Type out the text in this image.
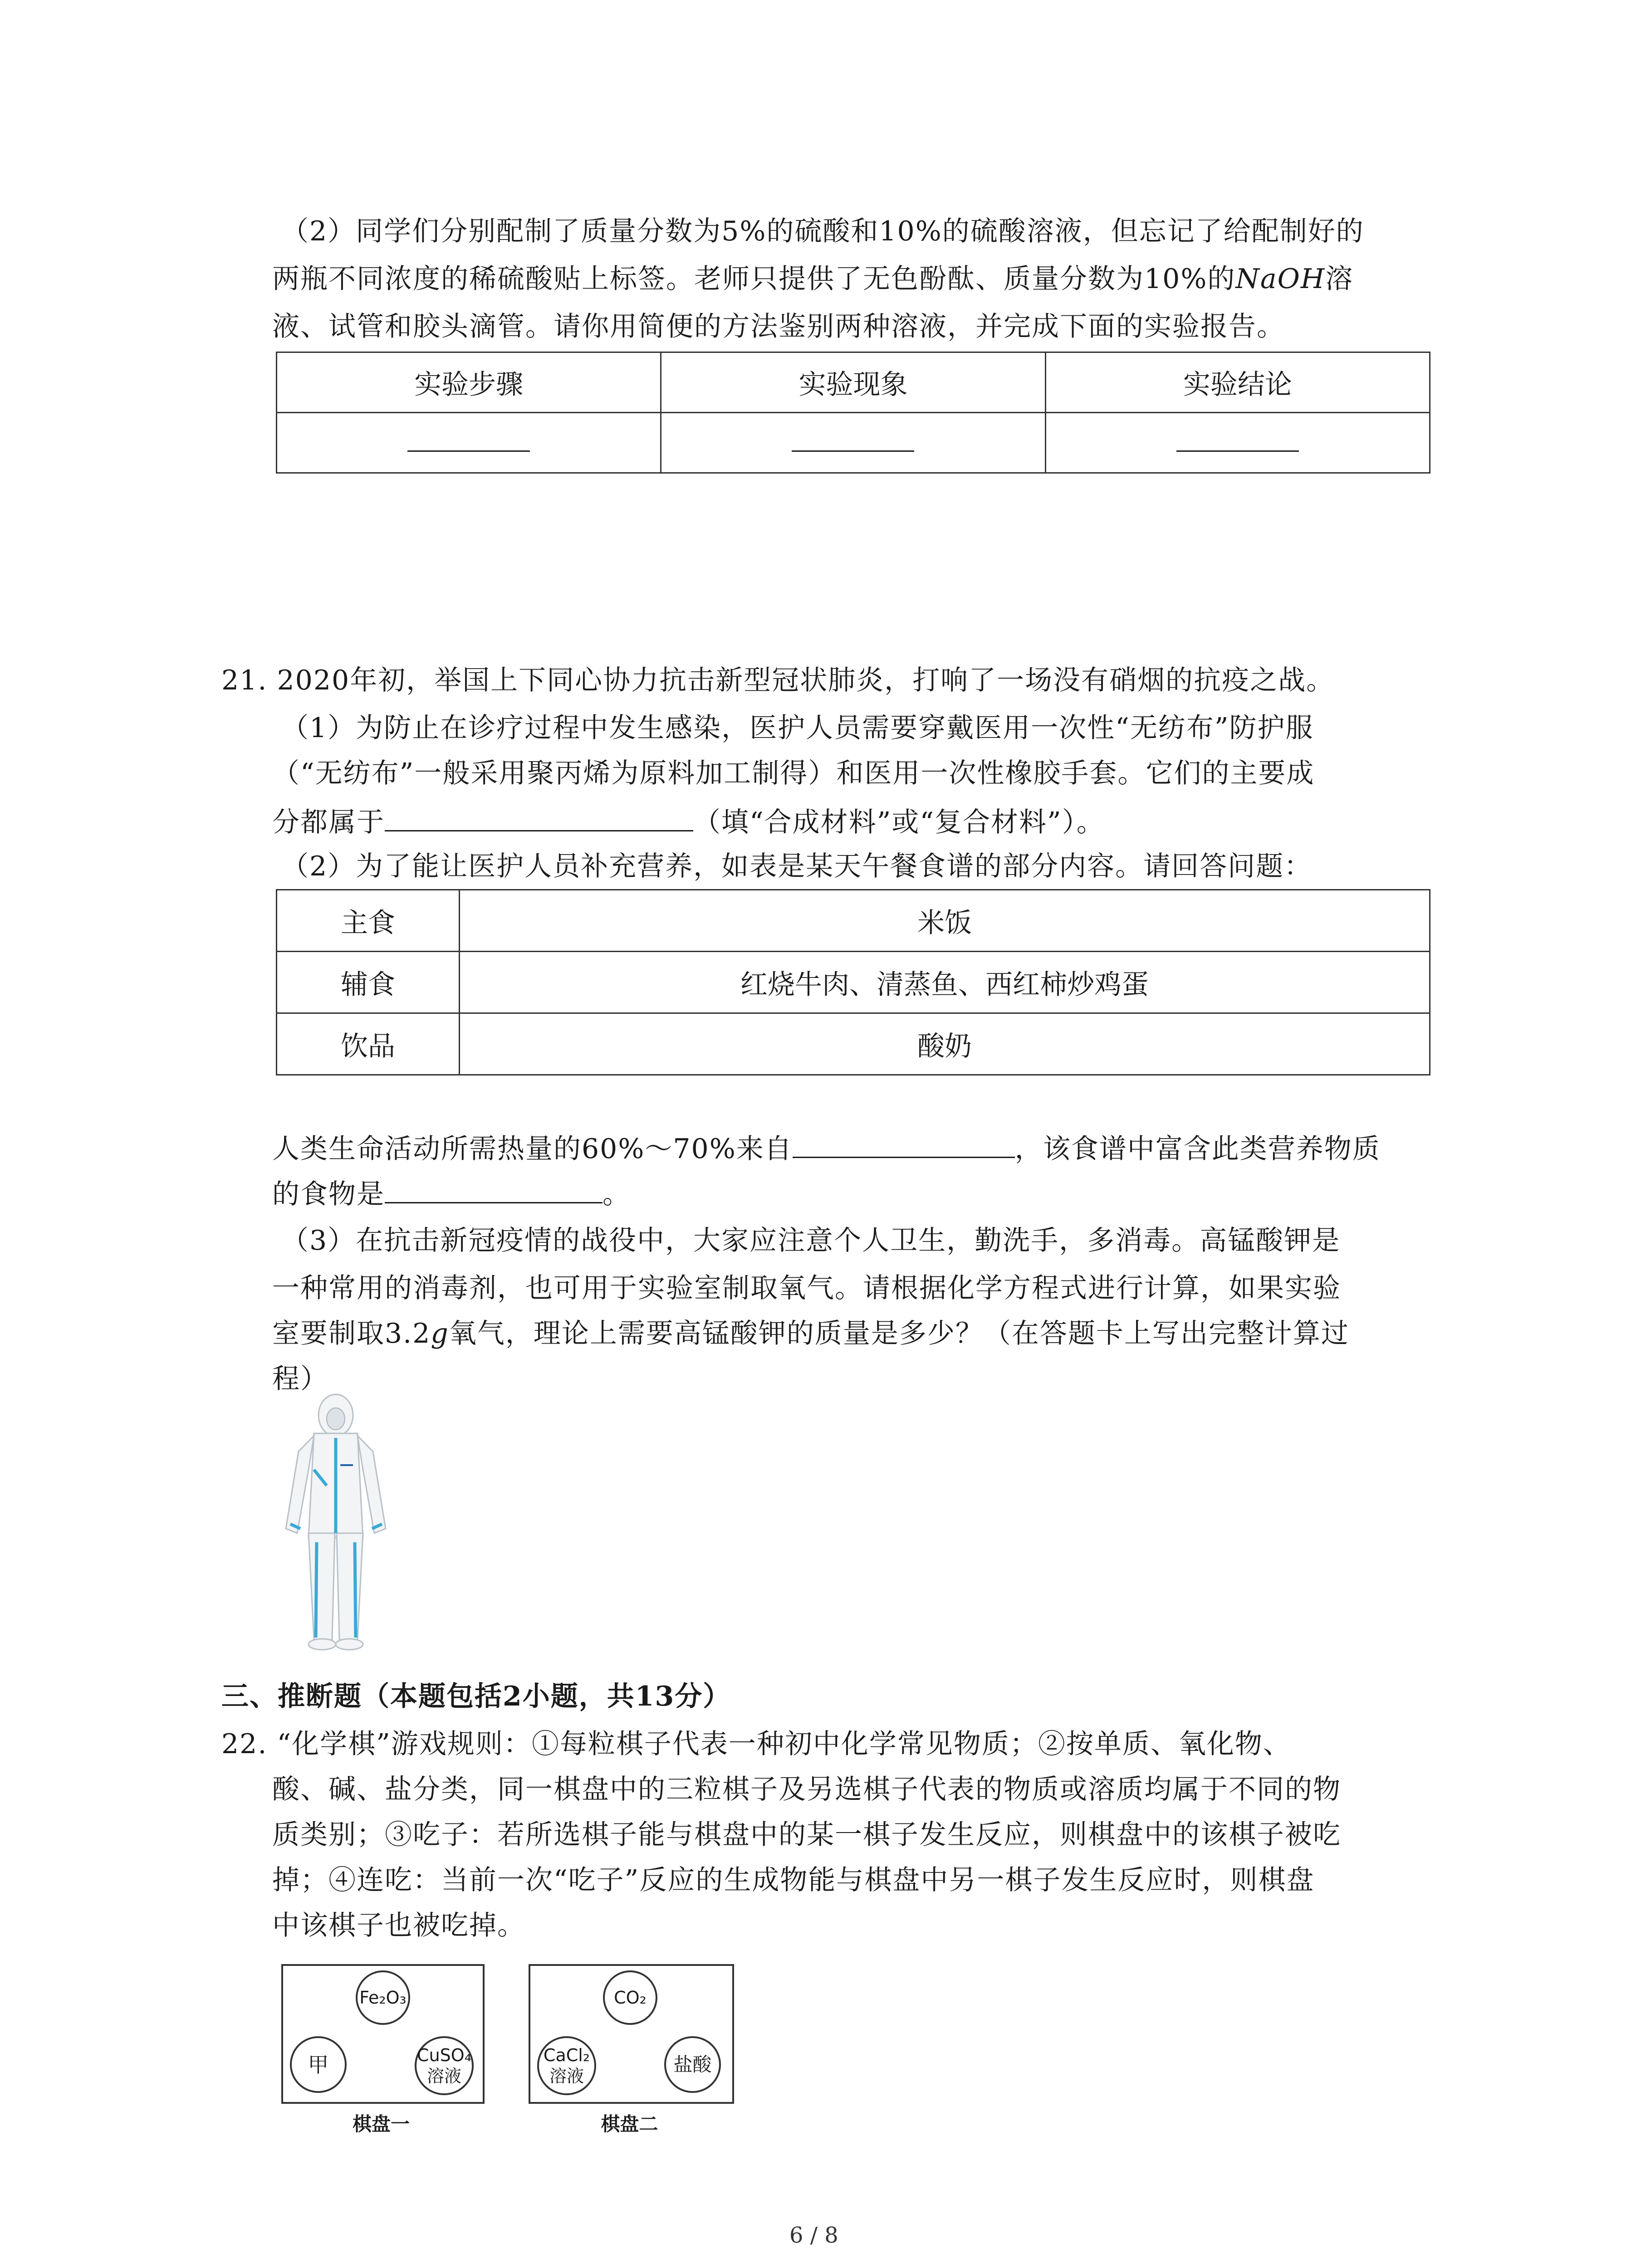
（2）同学们分别配制了质量分数为5%的硫酸和10%的硫酸溶液，但忘记了给配制好的
两瓶不同浓度的稀硫酸贴上标签。老师只提供了无色酚酞、质量分数为10%的NaOH溶
液、试管和胶头滴管。请你用简便的方法鉴别两种溶液，并完成下面的实验报告。
实验步骤	实验现象	实验结论

21. 2020年初，举国上下同心协力抗击新型冠状肺炎，打响了一场没有硝烟的抗疫之战。
（1）为防止在诊疗过程中发生感染，医护人员需要穿戴医用一次性“无纺布”防护服
（“无纺布”一般采用聚丙烯为原料加工制得）和医用一次性橡胶手套。它们的主要成
分都属于	（填“合成材料”或“复合材料”）。
（2）为了能让医护人员补充营养，如表是某天午餐食谱的部分内容。请回答问题：
主食	米饭
辅食	红烧牛肉、清蒸鱼、西红柿炒鸡蛋
饮品	酸奶
人类生命活动所需热量的60%～70%来自	，该食谱中富含此类营养物质
的食物是	。
（3）在抗击新冠疫情的战役中，大家应注意个人卫生，勤洗手，多消毒。高锰酸钾是
一种常用的消毒剂，也可用于实验室制取氧气。请根据化学方程式进行计算，如果实验
室要制取3.2g氧气，理论上需要高锰酸钾的质量是多少？（在答题卡上写出完整计算过
程）
三、推断题（本题包括2小题，共13分）
22. “化学棋”游戏规则：①每粒棋子代表一种初中化学常见物质；②按单质、氧化物、
酸、碱、盐分类，同一棋盘中的三粒棋子及另选棋子代表的物质或溶质均属于不同的物
质类别；③吃子：若所选棋子能与棋盘中的某一棋子发生反应，则棋盘中的该棋子被吃
掉；④连吃：当前一次“吃子”反应的生成物能与棋盘中另一棋子发生反应时，则棋盘
中该棋子也被吃掉。
Fe₂O₃
甲	CuSO₄
溶液
棋盘一
CO₂
CaCl₂
溶液
盐酸
棋盘二
6 / 8
